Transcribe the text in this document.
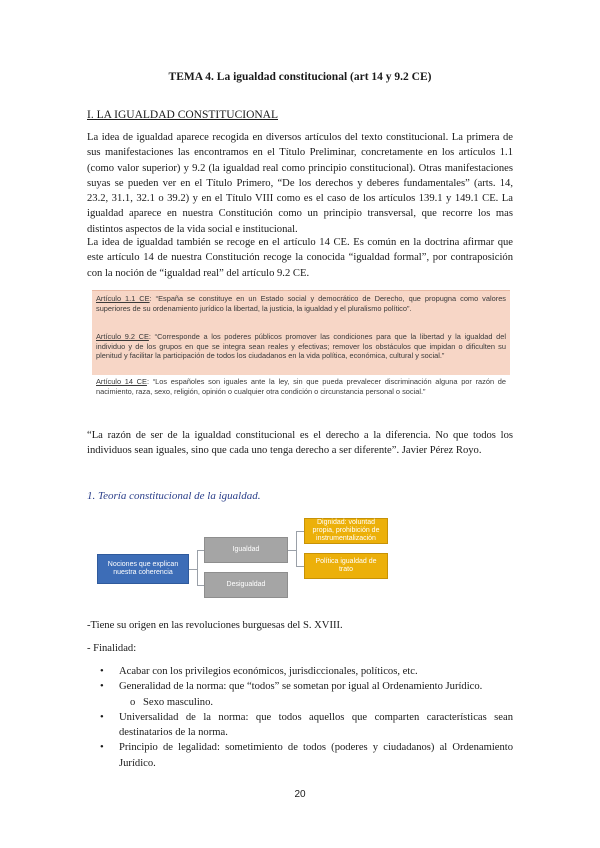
TEMA 4. La igualdad constitucional (art 14 y 9.2 CE)
I. LA IGUALDAD CONSTITUCIONAL
La idea de igualdad aparece recogida en diversos artículos del texto constitucional. La primera de sus manifestaciones las encontramos en el Título Preliminar, concretamente en los artículos 1.1 (como valor superior) y 9.2 (la igualdad real como principio constitucional). Otras manifestaciones suyas se pueden ver en el Título Primero, “De los derechos y deberes fundamentales” (arts. 14, 23.2, 31.1, 32.1 o 39.2) y en el Título VIII como es el caso de los artículos 139.1 y 149.1 CE. La igualdad aparece en nuestra Constitución como un principio transversal, que recorre los mas distintos aspectos de la vida social e institucional.
La idea de igualdad también se recoge en el artículo 14 CE. Es común en la doctrina afirmar que este artículo 14 de nuestra Constitución recoge la conocida “igualdad formal”, por contraposición con la noción de “igualdad real” del artículo 9.2 CE.
Artículo 1.1 CE: “España se constituye en un Estado social y democrático de Derecho, que propugna como valores superiores de su ordenamiento jurídico la libertad, la justicia, la igualdad y el pluralismo político”.
Artículo 9.2 CE: “Corresponde a los poderes públicos promover las condiciones para que la libertad y la igualdad del individuo y de los grupos en que se integra sean reales y efectivas; remover los obstáculos que impidan o dificulten su plenitud y facilitar la participación de todos los ciudadanos en la vida política, económica, cultural y social.”
Artículo 14 CE: “Los españoles son iguales ante la ley, sin que pueda prevalecer discriminación alguna por razón de nacimiento, raza, sexo, religión, opinión o cualquier otra condición o circunstancia personal o social.”
“La razón de ser de la igualdad constitucional es el derecho a la diferencia. No que todos los individuos sean iguales, sino que cada uno tenga derecho a ser diferente”. Javier Pérez Royo.
1. Teoría constitucional de la igualdad.
Nociones que explican nuestra coherencia
Igualdad
Desigualdad
Dignidad: voluntad propia, prohibición de instrumentalización
Política igualdad de trato
-Tiene su origen en las revoluciones burguesas del S. XVIII.
- Finalidad:
• Acabar con los privilegios económicos, jurisdiccionales, políticos, etc.
• Generalidad de la norma: que “todos” se sometan por igual al Ordenamiento Jurídico.
o Sexo masculino.
• Universalidad de la norma: que todos aquellos que comparten características sean destinatarios de la norma.
• Principio de legalidad: sometimiento de todos (poderes y ciudadanos) al Ordenamiento Jurídico.
20
